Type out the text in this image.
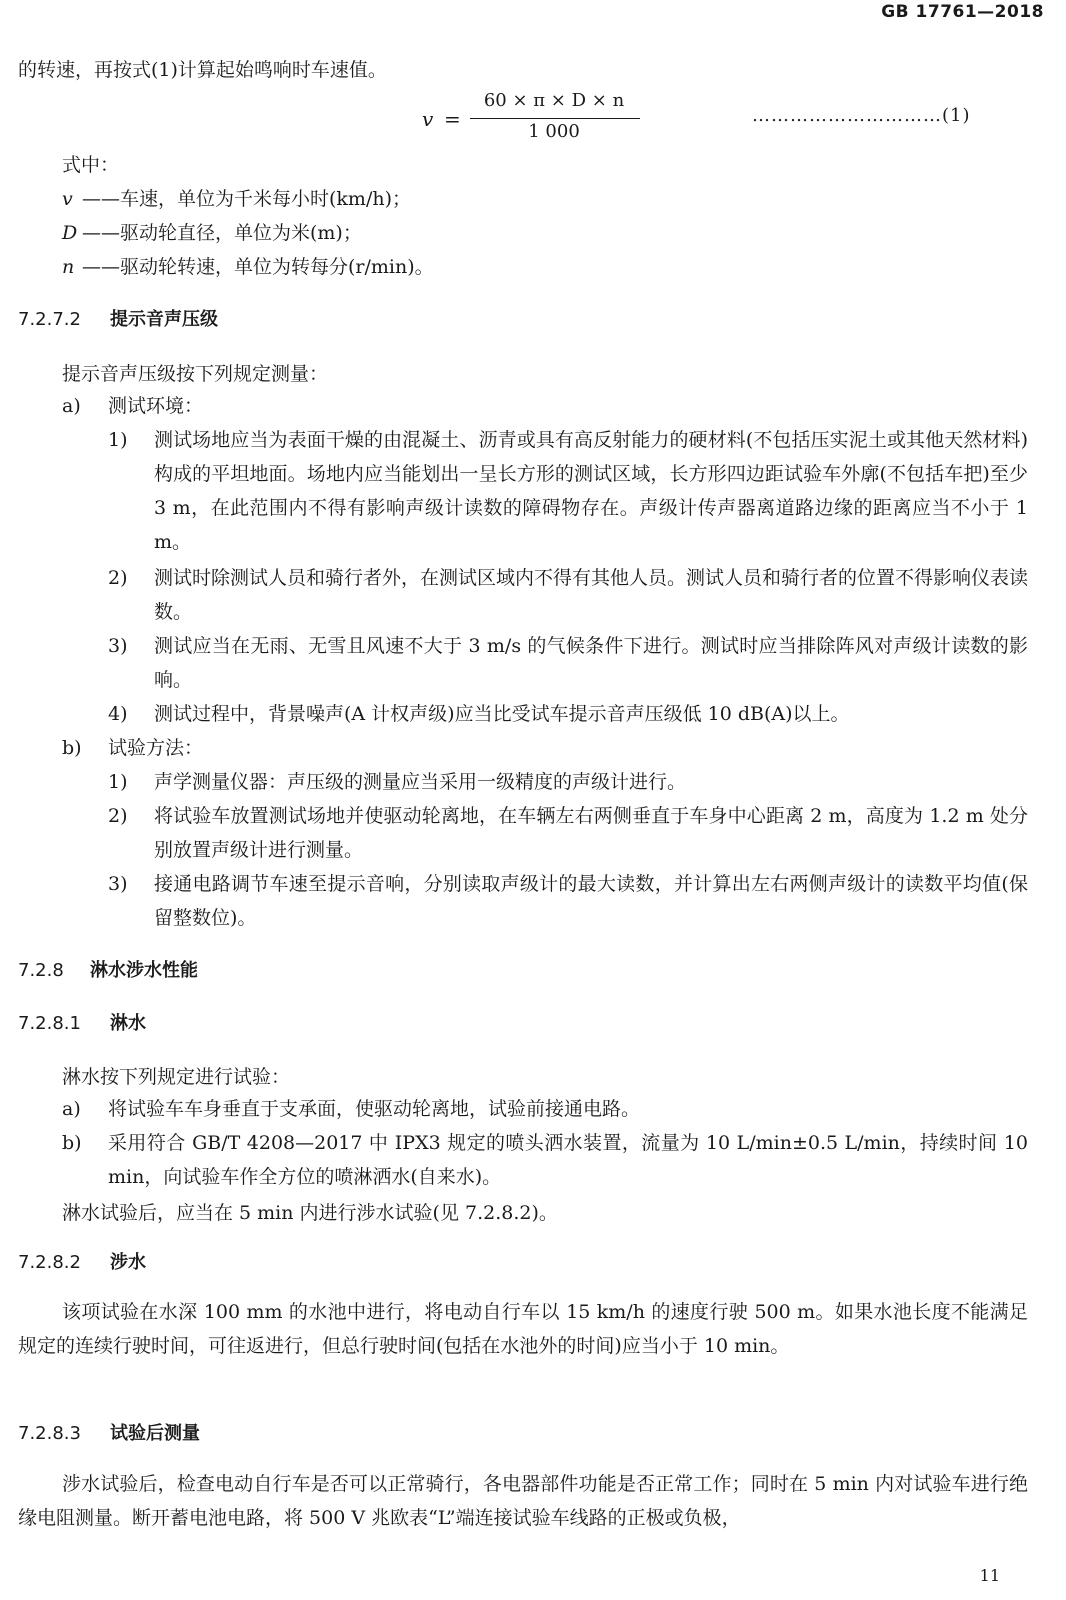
GB 17761—2018
的转速，再按式(1)计算起始鸣响时车速值。
v =
60 × π × D × n
1 000
…………………………(1)
式中：
v ——车速，单位为千米每小时(km/h)；
D ——驱动轮直径，单位为米(m)；
n ——驱动轮转速，单位为转每分(r/min)。
7.2.7.2 提示音声压级
提示音声压级按下列规定测量：
a)	测试环境：
1)	测试场地应当为表面干燥的由混凝土、沥青或具有高反射能力的硬材料(不包括压实泥土或其他天然材料)构成的平坦地面。场地内应当能划出一呈长方形的测试区域，长方形四边距试验车外廓(不包括车把)至少 3 m，在此范围内不得有影响声级计读数的障碍物存在。声级计传声器离道路边缘的距离应当不小于 1 m。
2)	测试时除测试人员和骑行者外，在测试区域内不得有其他人员。测试人员和骑行者的位置不得影响仪表读数。
3)	测试应当在无雨、无雪且风速不大于 3 m/s 的气候条件下进行。测试时应当排除阵风对声级计读数的影响。
4)	测试过程中，背景噪声(A 计权声级)应当比受试车提示音声压级低 10 dB(A)以上。
b)	试验方法：
1)	声学测量仪器：声压级的测量应当采用一级精度的声级计进行。
2)	将试验车放置测试场地并使驱动轮离地，在车辆左右两侧垂直于车身中心距离 2 m，高度为 1.2 m 处分别放置声级计进行测量。
3)	接通电路调节车速至提示音响，分别读取声级计的最大读数，并计算出左右两侧声级计的读数平均值(保留整数位)。
7.2.8 淋水涉水性能
7.2.8.1 淋水
淋水按下列规定进行试验：
a)	将试验车车身垂直于支承面，使驱动轮离地，试验前接通电路。
b)	采用符合 GB/T 4208—2017 中 IPX3 规定的喷头洒水装置，流量为 10 L/min±0.5 L/min，持续时间 10 min，向试验车作全方位的喷淋洒水(自来水)。
淋水试验后，应当在 5 min 内进行涉水试验(见 7.2.8.2)。
7.2.8.2 涉水
该项试验在水深 100 mm 的水池中进行，将电动自行车以 15 km/h 的速度行驶 500 m。如果水池长度不能满足规定的连续行驶时间，可往返进行，但总行驶时间(包括在水池外的时间)应当小于 10 min。
7.2.8.3 试验后测量
涉水试验后，检查电动自行车是否可以正常骑行，各电器部件功能是否正常工作；同时在 5 min 内对试验车进行绝缘电阻测量。断开蓄电池电路，将 500 V 兆欧表“L”端连接试验车线路的正极或负极，
11
